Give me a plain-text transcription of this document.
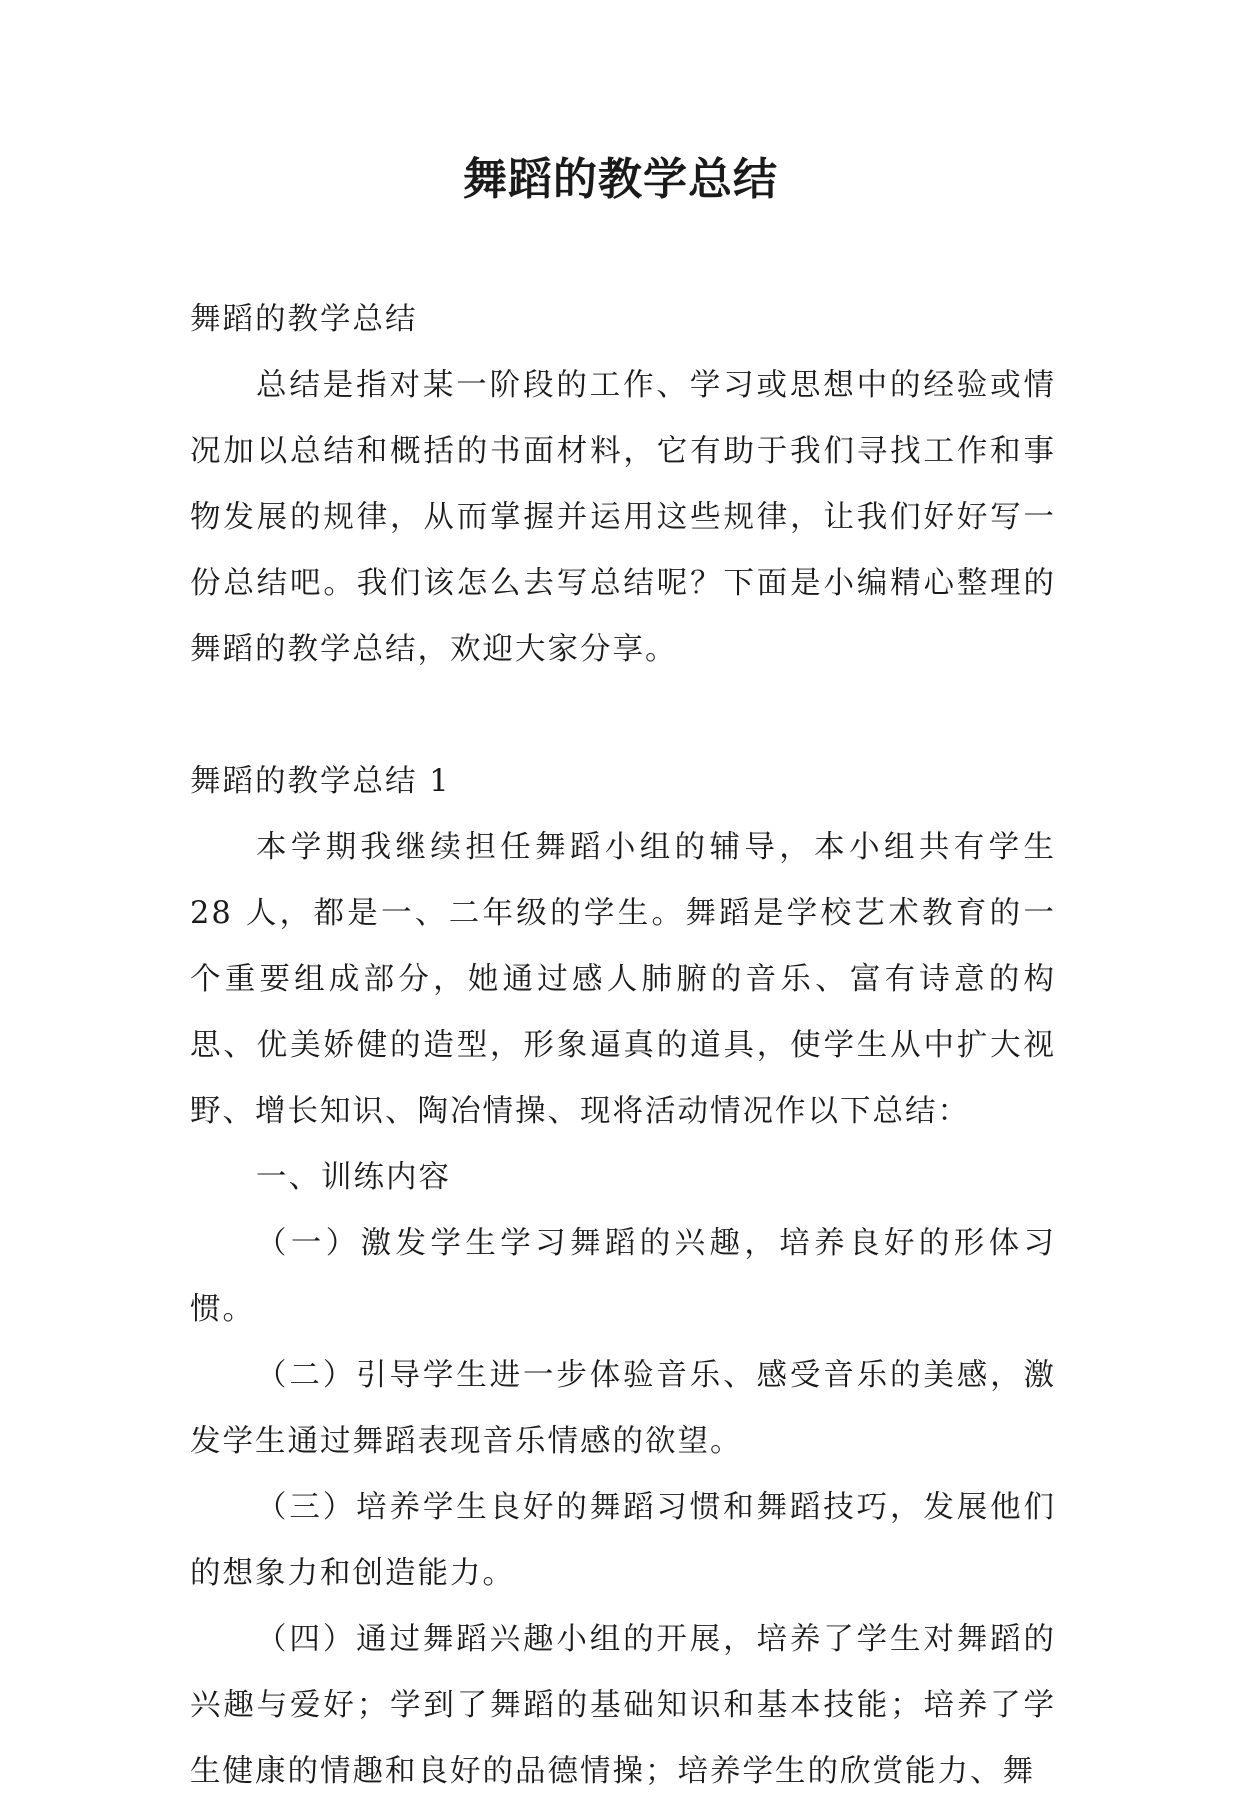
舞蹈的教学总结

舞蹈的教学总结

总结是指对某一阶段的工作、学习或思想中的经验或情况加以总结和概括的书面材料，它有助于我们寻找工作和事物发展的规律，从而掌握并运用这些规律，让我们好好写一份总结吧。我们该怎么去写总结呢？下面是小编精心整理的舞蹈的教学总结，欢迎大家分享。

舞蹈的教学总结 1

本学期我继续担任舞蹈小组的辅导，本小组共有学生 28 人，都是一、二年级的学生。舞蹈是学校艺术教育的一个重要组成部分，她通过感人肺腑的音乐、富有诗意的构思、优美娇健的造型，形象逼真的道具，使学生从中扩大视野、增长知识、陶冶情操、现将活动情况作以下总结：

一、训练内容

（一）激发学生学习舞蹈的兴趣，培养良好的形体习惯。

（二）引导学生进一步体验音乐、感受音乐的美感，激发学生通过舞蹈表现音乐情感的欲望。

（三）培养学生良好的舞蹈习惯和舞蹈技巧，发展他们的想象力和创造能力。

（四）通过舞蹈兴趣小组的开展，培养了学生对舞蹈的兴趣与爱好；学到了舞蹈的基础知识和基本技能；培养了学生健康的情趣和良好的品德情操；培养学生的欣赏能力、舞
